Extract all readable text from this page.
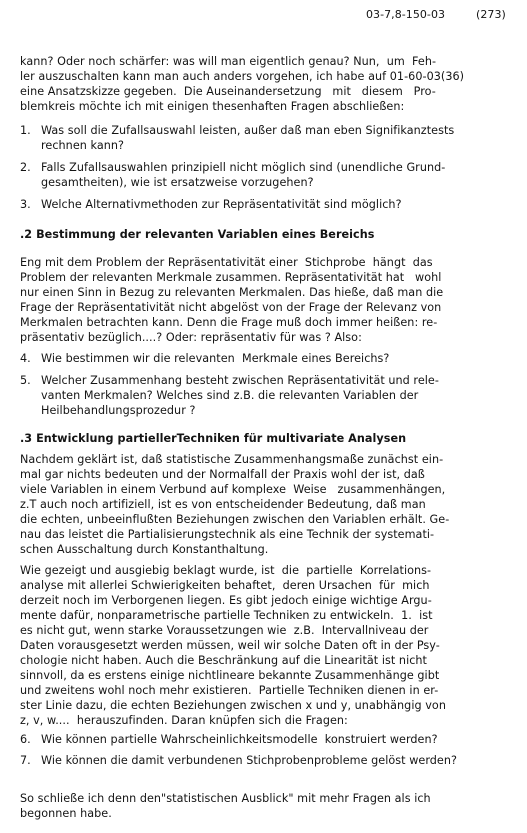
03-7,8-150-03	(273)
kann? Oder noch schärfer: was will man eigentlich genau? Nun,  um  Feh-
ler auszuschalten kann man auch anders vorgehen, ich habe auf 01-60-03(36)
eine Ansatzskizze gegeben.  Die Auseinandersetzung   mit   diesem   Pro-
blemkreis möchte ich mit einigen thesenhaften Fragen abschließen:
1. Was soll die Zufallsauswahl leisten, außer daß man eben Signifikanztests
rechnen kann?
2. Falls Zufallsauswahlen prinzipiell nicht möglich sind (unendliche Grund-
gesamtheiten), wie ist ersatzweise vorzugehen?
3. Welche Alternativmethoden zur Repräsentativität sind möglich?
.2 Bestimmung der relevanten Variablen eines Bereichs
Eng mit dem Problem der Repräsentativität einer  Stichprobe  hängt  das
Problem der relevanten Merkmale zusammen. Repräsentativität hat   wohl
nur einen Sinn in Bezug zu relevanten Merkmalen. Das hieße, daß man die
Frage der Repräsentativität nicht abgelöst von der Frage der Relevanz von
Merkmalen betrachten kann. Denn die Frage muß doch immer heißen: re-
präsentativ bezüglich....? Oder: repräsentativ für was ? Also:
4. Wie bestimmen wir die relevanten  Merkmale eines Bereichs?
5. Welcher Zusammenhang besteht zwischen Repräsentativität und rele-
vanten Merkmalen? Welches sind z.B. die relevanten Variablen der
Heilbehandlungsprozedur ?
.3 Entwicklung partiellerTechniken für multivariate Analysen
Nachdem geklärt ist, daß statistische Zusammenhangsmaße zunächst ein-
mal gar nichts bedeuten und der Normalfall der Praxis wohl der ist, daß
viele Variablen in einem Verbund auf komplexe  Weise   zusammenhängen,
z.T auch noch artifiziell, ist es von entscheidender Bedeutung, daß man
die echten, unbeeinflußten Beziehungen zwischen den Variablen erhält. Ge-
nau das leistet die Partialisierungstechnik als eine Technik der systemati-
schen Ausschaltung durch Konstanthaltung.
Wie gezeigt und ausgiebig beklagt wurde, ist  die  partielle  Korrelations-
analyse mit allerlei Schwierigkeiten behaftet,  deren Ursachen  für  mich
derzeit noch im Verborgenen liegen. Es gibt jedoch einige wichtige Argu-
mente dafür, nonparametrische partielle Techniken zu entwickeln.  1.  ist
es nicht gut, wenn starke Voraussetzungen wie  z.B.  Intervallniveau der
Daten vorausgesetzt werden müssen, weil wir solche Daten oft in der Psy-
chologie nicht haben. Auch die Beschränkung auf die Linearität ist nicht
sinnvoll, da es erstens einige nichtlineare bekannte Zusammenhänge gibt
und zweitens wohl noch mehr existieren.  Partielle Techniken dienen in er-
ster Linie dazu, die echten Beziehungen zwischen x und y, unabhängig von
z, v, w....  herauszufinden. Daran knüpfen sich die Fragen:
6. Wie können partielle Wahrscheinlichkeitsmodelle  konstruiert werden?
7. Wie können die damit verbundenen Stichprobenprobleme gelöst werden?
So schließe ich denn den"statistischen Ausblick" mit mehr Fragen als ich
begonnen habe.
